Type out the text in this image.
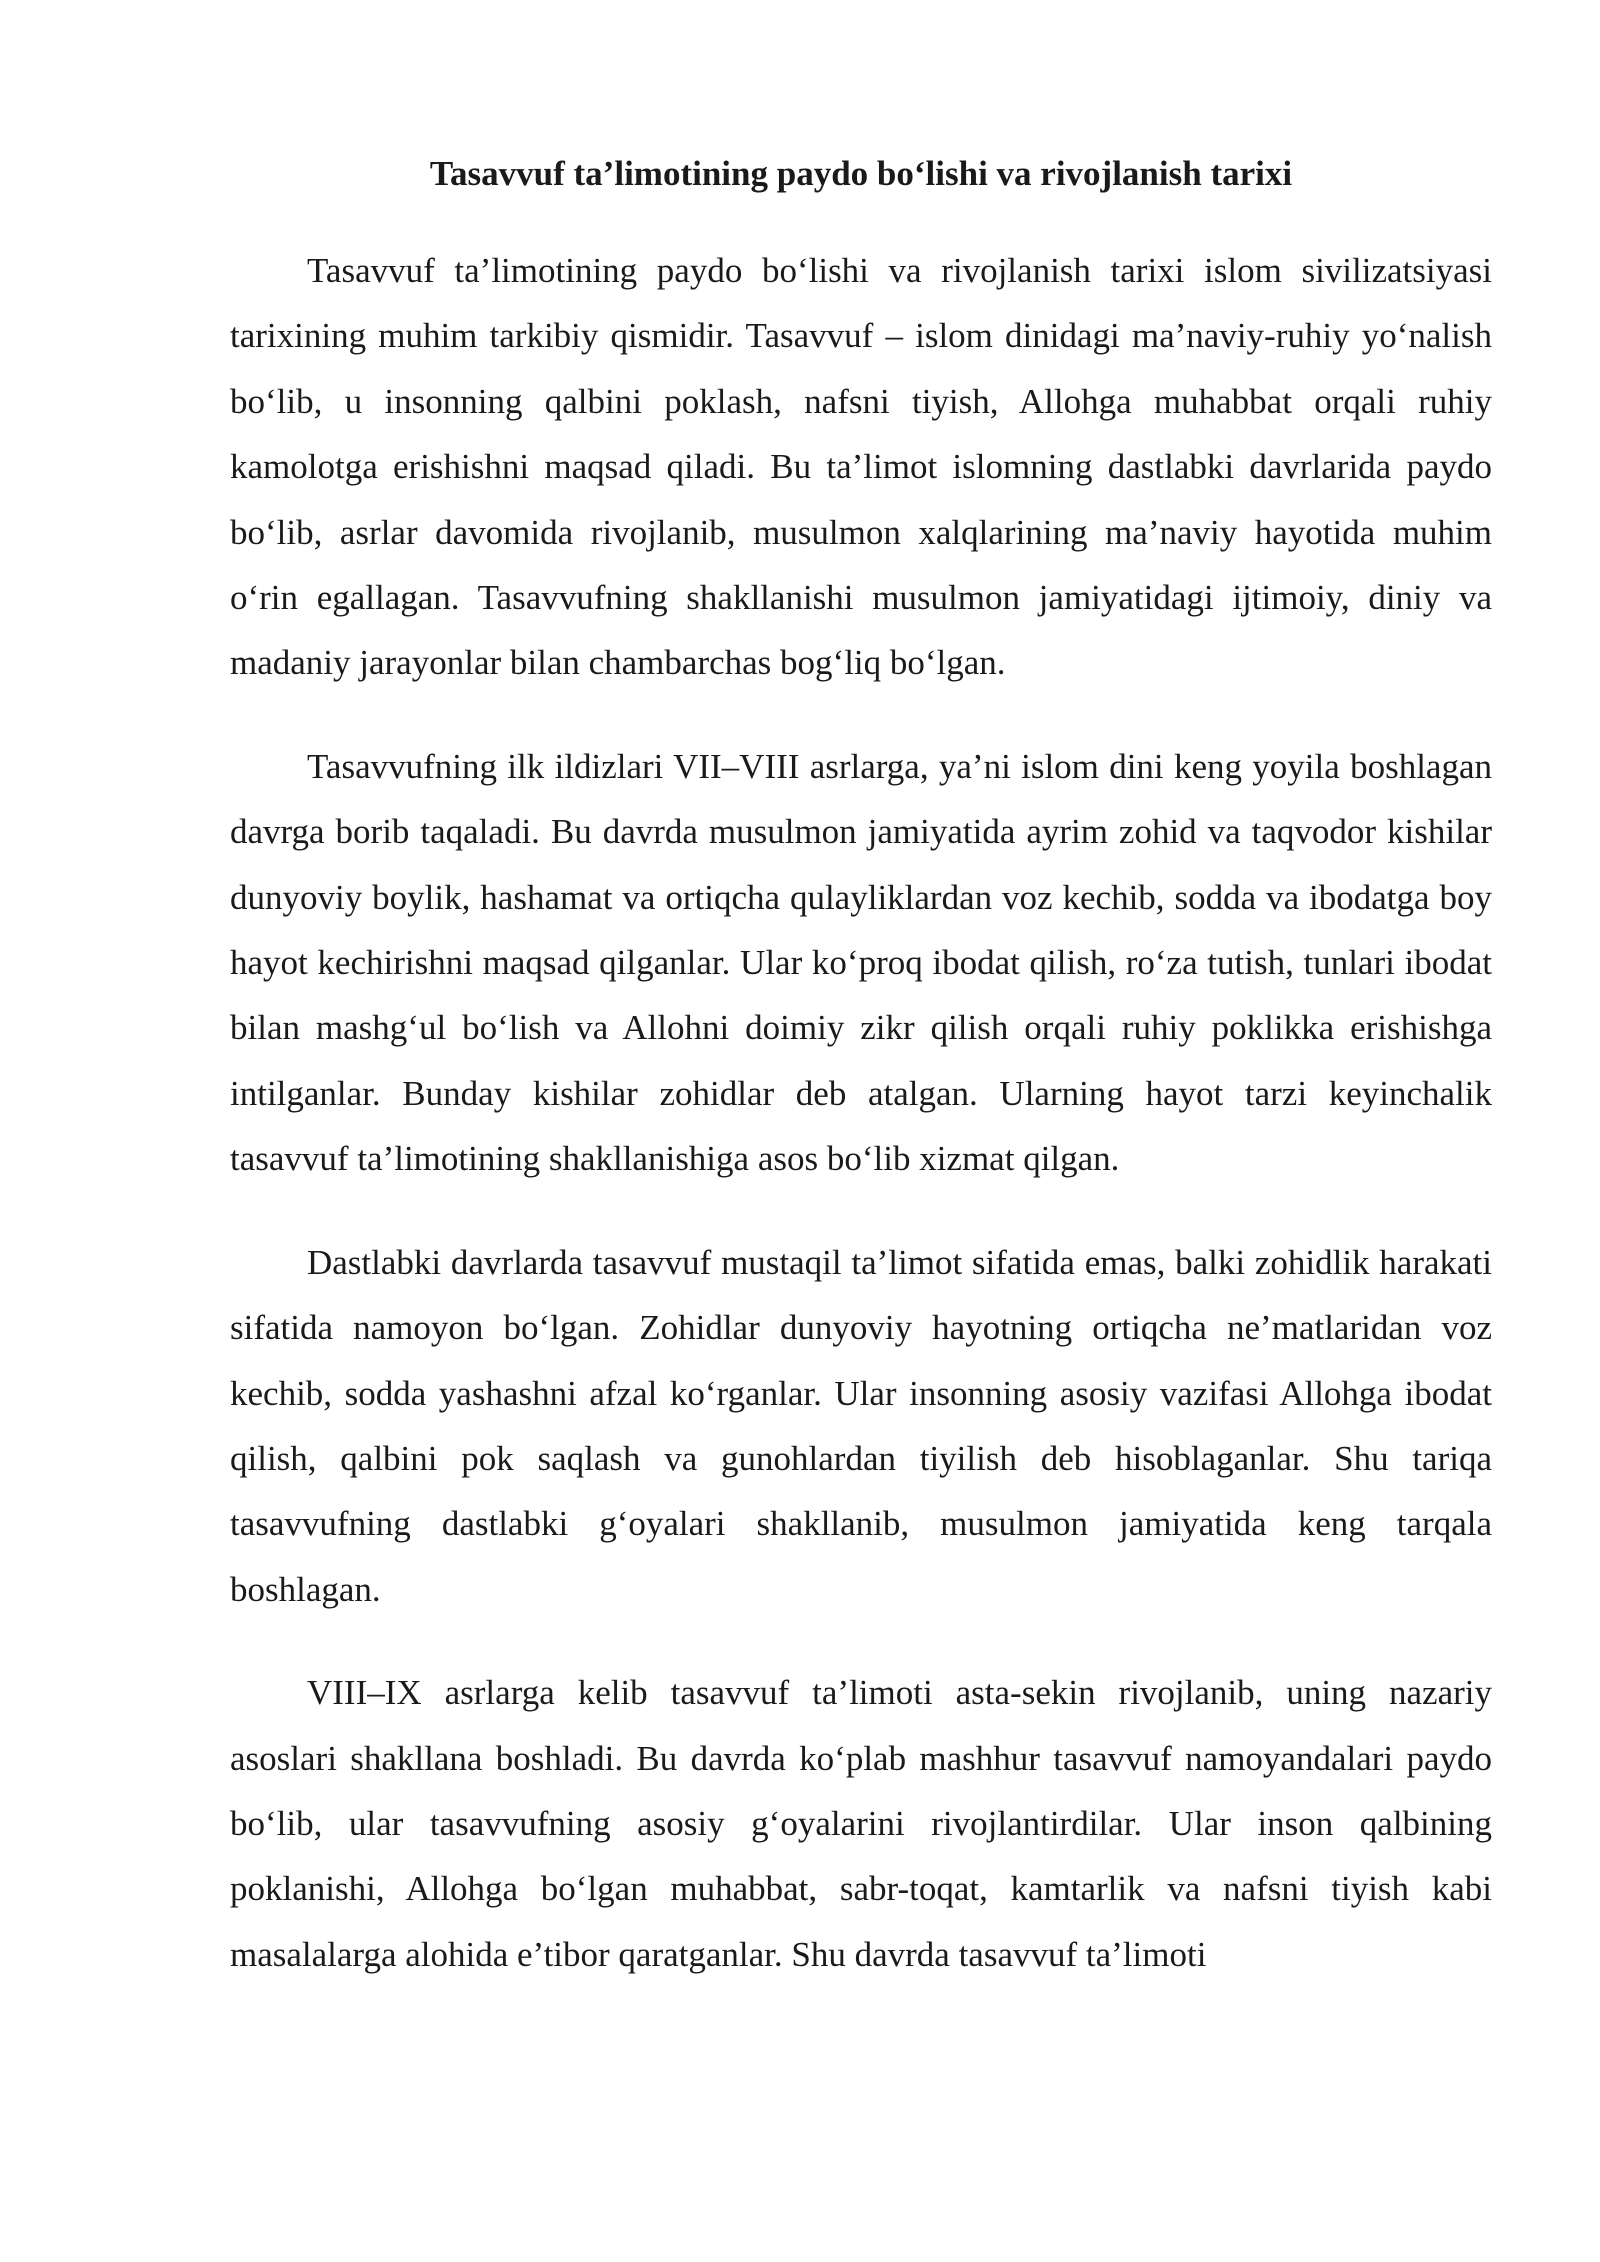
Tasavvuf ta’limotining paydo bo‘lishi va rivojlanish tarixi

Tasavvuf ta’limotining paydo bo‘lishi va rivojlanish tarixi islom sivilizatsiyasi tarixining muhim tarkibiy qismidir. Tasavvuf – islom dinidagi ma’naviy-ruhiy yo‘nalish bo‘lib, u insonning qalbini poklash, nafsni tiyish, Allohga muhabbat orqali ruhiy kamolotga erishishni maqsad qiladi. Bu ta’limot islomning dastlabki davrlarida paydo bo‘lib, asrlar davomida rivojlanib, musulmon xalqlarining ma’naviy hayotida muhim o‘rin egallagan. Tasavvufning shakllanishi musulmon jamiyatidagi ijtimoiy, diniy va madaniy jarayonlar bilan chambarchas bog‘liq bo‘lgan.

Tasavvufning ilk ildizlari VII–VIII asrlarga, ya’ni islom dini keng yoyila boshlagan davrga borib taqaladi. Bu davrda musulmon jamiyatida ayrim zohid va taqvodor kishilar dunyoviy boylik, hashamat va ortiqcha qulayliklardan voz kechib, sodda va ibodatga boy hayot kechirishni maqsad qilganlar. Ular ko‘proq ibodat qilish, ro‘za tutish, tunlari ibodat bilan mashg‘ul bo‘lish va Allohni doimiy zikr qilish orqali ruhiy poklikka erishishga intilganlar. Bunday kishilar zohidlar deb atalgan. Ularning hayot tarzi keyinchalik tasavvuf ta’limotining shakllanishiga asos bo‘lib xizmat qilgan.

Dastlabki davrlarda tasavvuf mustaqil ta’limot sifatida emas, balki zohidlik harakati sifatida namoyon bo‘lgan. Zohidlar dunyoviy hayotning ortiqcha ne’matlaridan voz kechib, sodda yashashni afzal ko‘rganlar. Ular insonning asosiy vazifasi Allohga ibodat qilish, qalbini pok saqlash va gunohlardan tiyilish deb hisoblaganlar. Shu tariqa tasavvufning dastlabki g‘oyalari shakllanib, musulmon jamiyatida keng tarqala boshlagan.

VIII–IX asrlarga kelib tasavvuf ta’limoti asta-sekin rivojlanib, uning nazariy asoslari shakllana boshladi. Bu davrda ko‘plab mashhur tasavvuf namoyandalari paydo bo‘lib, ular tasavvufning asosiy g‘oyalarini rivojlantirdilar. Ular inson qalbining poklanishi, Allohga bo‘lgan muhabbat, sabr-toqat, kamtarlik va nafsni tiyish kabi masalalarga alohida e’tibor qaratganlar. Shu davrda tasavvuf ta’limoti
